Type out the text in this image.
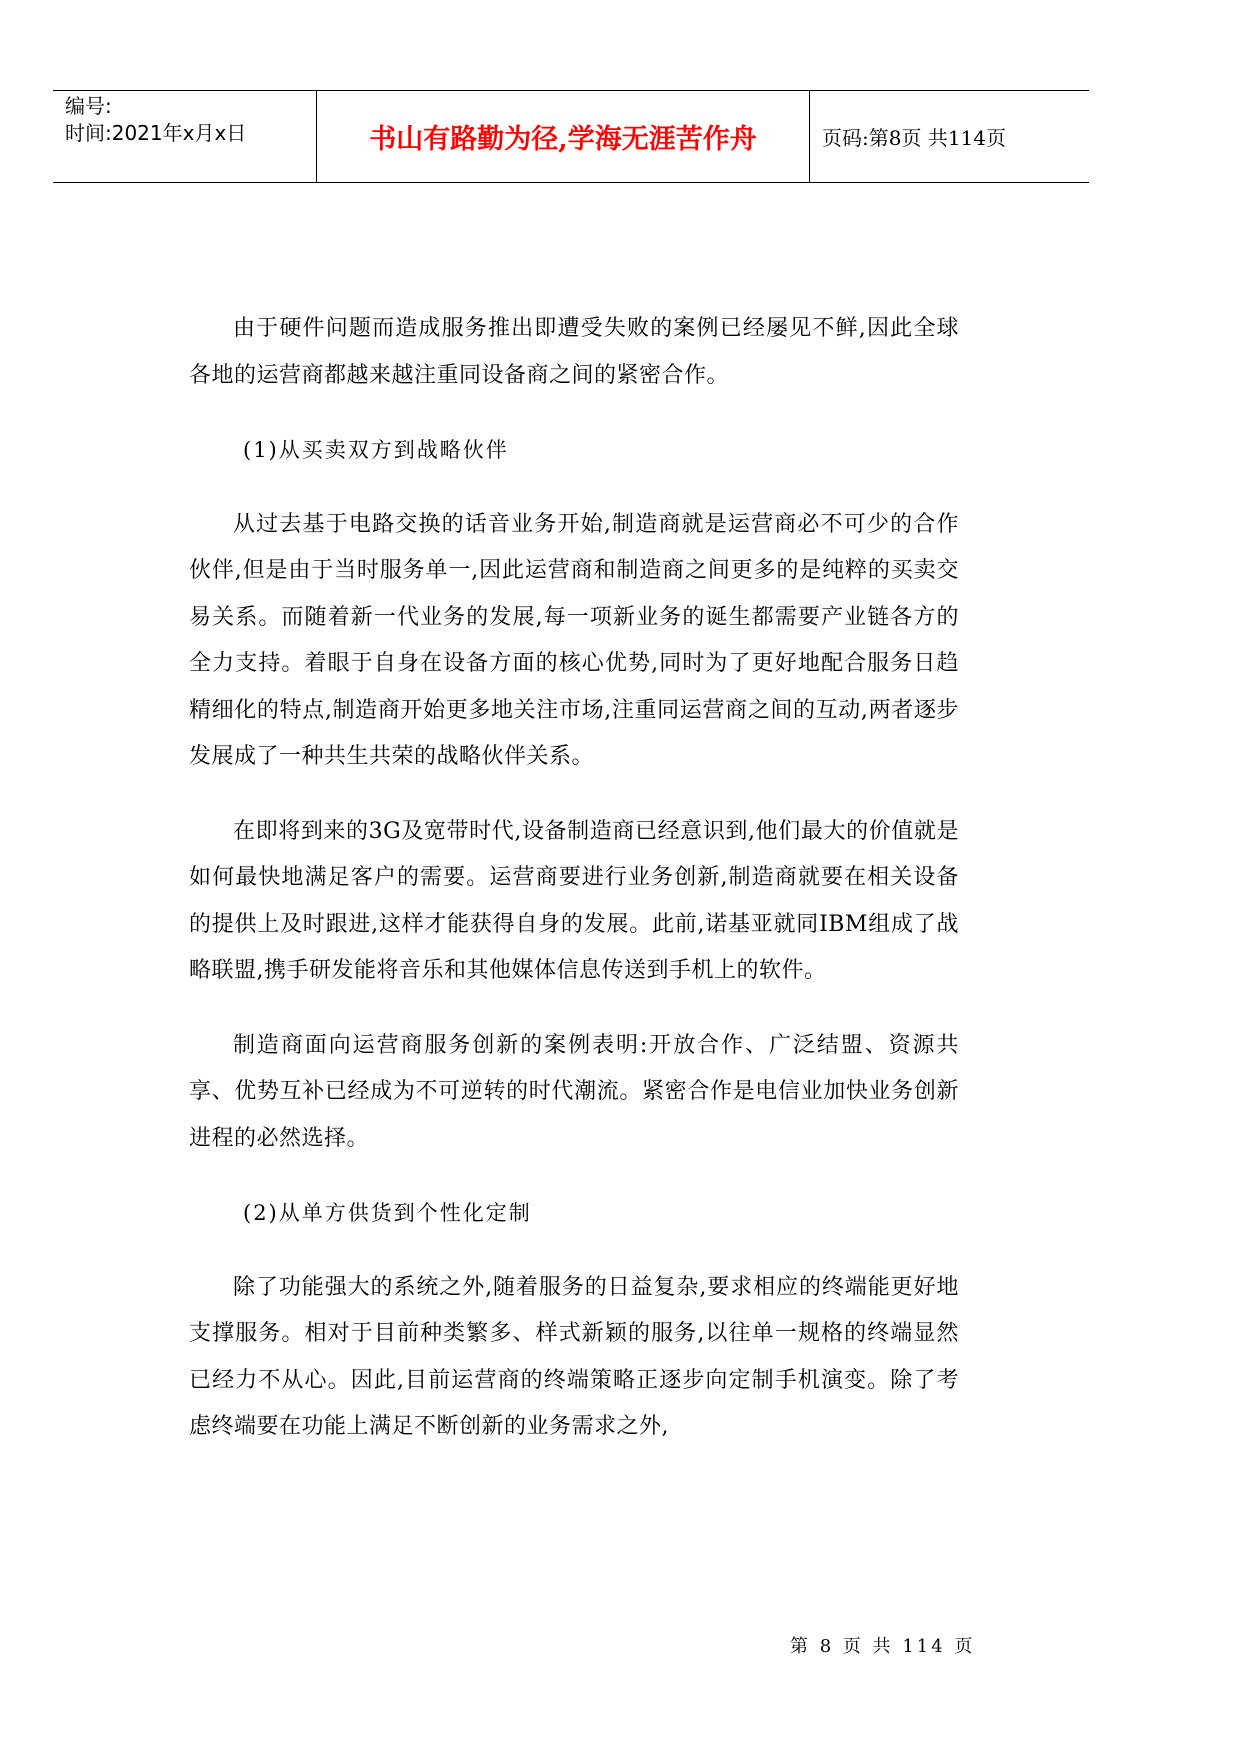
编号:
时间:2021年x月x日	书山有路勤为径,学海无涯苦作舟	页码:第8页 共114页

由于硬件问题而造成服务推出即遭受失败的案例已经屡见不鲜,因此全球各地的运营商都越来越注重同设备商之间的紧密合作。

(1)从买卖双方到战略伙伴

从过去基于电路交换的话音业务开始,制造商就是运营商必不可少的合作伙伴,但是由于当时服务单一,因此运营商和制造商之间更多的是纯粹的买卖交易关系。而随着新一代业务的发展,每一项新业务的诞生都需要产业链各方的全力支持。着眼于自身在设备方面的核心优势,同时为了更好地配合服务日趋精细化的特点,制造商开始更多地关注市场,注重同运营商之间的互动,两者逐步发展成了一种共生共荣的战略伙伴关系。

在即将到来的3G及宽带时代,设备制造商已经意识到,他们最大的价值就是如何最快地满足客户的需要。运营商要进行业务创新,制造商就要在相关设备的提供上及时跟进,这样才能获得自身的发展。此前,诺基亚就同IBM组成了战略联盟,携手研发能将音乐和其他媒体信息传送到手机上的软件。

制造商面向运营商服务创新的案例表明:开放合作、广泛结盟、资源共享、优势互补已经成为不可逆转的时代潮流。紧密合作是电信业加快业务创新进程的必然选择。

(2)从单方供货到个性化定制

除了功能强大的系统之外,随着服务的日益复杂,要求相应的终端能更好地支撑服务。相对于目前种类繁多、样式新颖的服务,以往单一规格的终端显然已经力不从心。因此,目前运营商的终端策略正逐步向定制手机演变。除了考虑终端要在功能上满足不断创新的业务需求之外,

第 8 页 共 114 页
